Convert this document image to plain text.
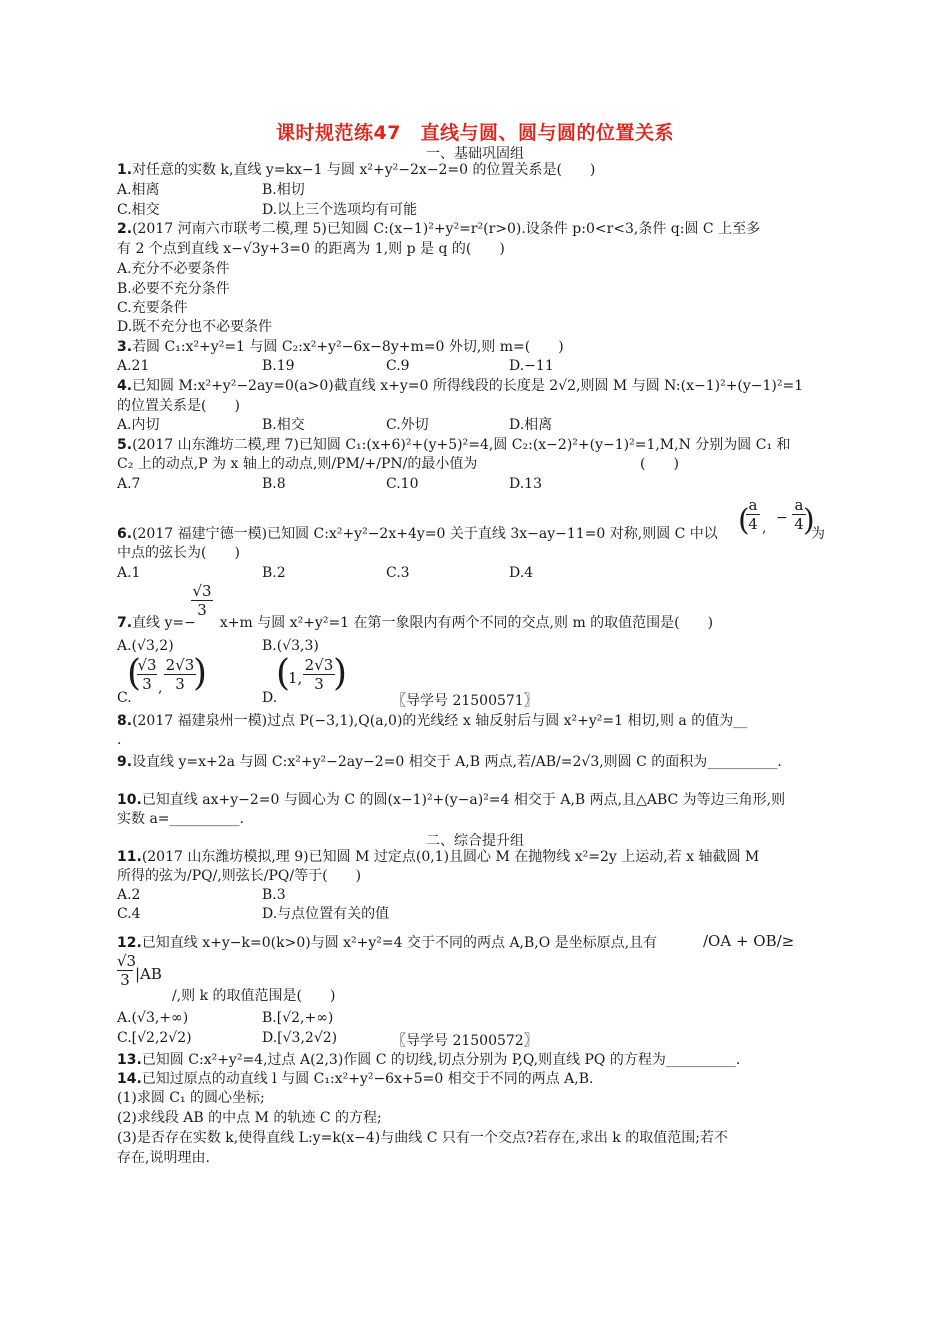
课时规范练47　直线与圆、圆与圆的位置关系
一、基础巩固组
1.对任意的实数 k,直线 y=kx−1 与圆 x²+y²−2x−2=0 的位置关系是(　　)
A.相离	B.相切
C.相交	D.以上三个选项均有可能
2.(2017 河南六市联考二模,理 5)已知圆 C:(x−1)²+y²=r²(r>0).设条件 p:0<r<3,条件 q:圆 C 上至多
有 2 个点到直线 x−√3y+3=0 的距离为 1,则 p 是 q 的(　　)
A.充分不必要条件
B.必要不充分条件
C.充要条件
D.既不充分也不必要条件
3.若圆 C₁:x²+y²=1 与圆 C₂:x²+y²−6x−8y+m=0 外切,则 m=(　　)
A.21	B.19	C.9	D.−11
4.已知圆 M:x²+y²−2ay=0(a>0)截直线 x+y=0 所得线段的长度是 2√2,则圆 M 与圆 N:(x−1)²+(y−1)²=1
的位置关系是(　　)
A.内切	B.相交	C.外切	D.相离
5.(2017 山东潍坊二模,理 7)已知圆 C₁:(x+6)²+(y+5)²=4,圆 C₂:(x−2)²+(y−1)²=1,M,N 分别为圆 C₁ 和
C₂ 上的动点,P 为 x 轴上的动点,则/PM/+/PN/的最小值为	(　　)
A.7	B.8	C.10	D.13
6.(2017 福建宁德一模)已知圆 C:x²+y²−2x+4y=0 关于直线 3x−ay−11=0 对称,则圆 C 中以 (
$\frac{a}{4}$ ,
− $\frac{a}{4}$
)
为
中点的弦长为(　　)
A.1	B.2	C.3	D.4
$\frac{√3}{3}$
7.直线 y=− x+m 与圆 x²+y²=1 在第一象限内有两个不同的交点,则 m 的取值范围是(　　)
A.(√3,2)	B.(√3,3)
C.
(
$\frac{√3}{3}$ , $\frac{2√3}{3}$
)
D.
(
1, $\frac{2√3}{3}$
)
〖导学号 21500571〗
8.(2017 福建泉州一模)过点 P(−3,1),Q(a,0)的光线经 x 轴反射后与圆 x²+y²=1 相切,则 a 的值为__
.
9.设直线 y=x+2a 与圆 C:x²+y²−2ay−2=0 相交于 A,B 两点,若/AB/=2√3,则圆 C 的面积为__________.
10.已知直线 ax+y−2=0 与圆心为 C 的圆(x−1)²+(y−a)²=4 相交于 A,B 两点,且△ABC 为等边三角形,则
实数 a=__________.
二、综合提升组
11.(2017 山东潍坊模拟,理 9)已知圆 M 过定点(0,1)且圆心 M 在抛物线 x²=2y 上运动,若 x 轴截圆 M
所得的弦为/PQ/,则弦长/PQ/等于(　　)
A.2	B.3
C.4	D.与点位置有关的值
12.已知直线 x+y−k=0(k>0)与圆 x²+y²=4 交于不同的两点 A,B,O 是坐标原点,且有	/OA + OB/≥
$\frac{√3}{3} |AB$
/,则 k 的取值范围是(　　)
A.(√3,+∞)	B.[√2,+∞)
C.[√2,2√2)	D.[√3,2√2)	〖导学号 21500572〗
13.已知圆 C:x²+y²=4,过点 A(2,3)作圆 C 的切线,切点分别为 P,Q,则直线 PQ 的方程为__________.
14.已知过原点的动直线 l 与圆 C₁:x²+y²−6x+5=0 相交于不同的两点 A,B.
(1)求圆 C₁ 的圆心坐标;
(2)求线段 AB 的中点 M 的轨迹 C 的方程;
(3)是否存在实数 k,使得直线 L:y=k(x−4)与曲线 C 只有一个交点?若存在,求出 k 的取值范围;若不
存在,说明理由.
